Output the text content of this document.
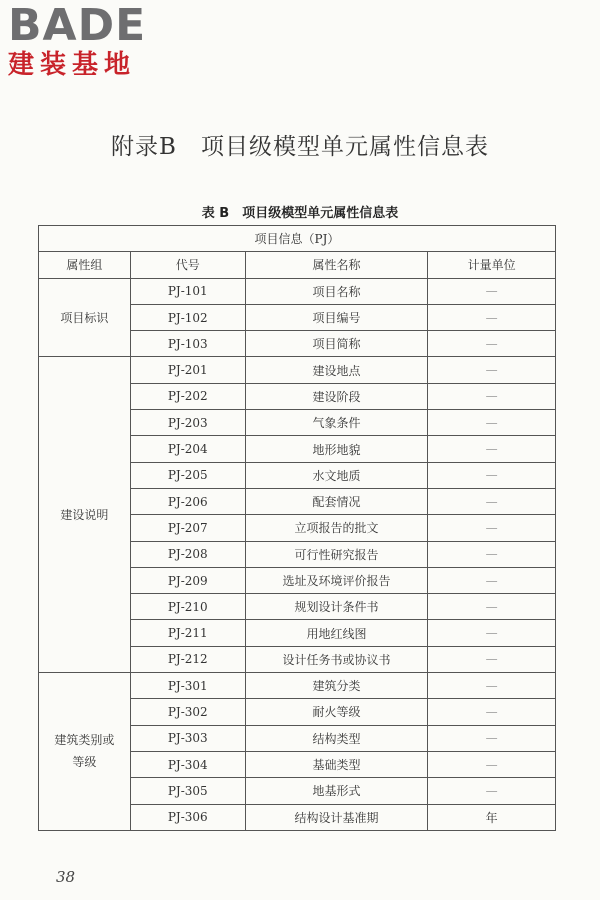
BADE
建装基地
附录B　项目级模型单元属性信息表
表 B　项目级模型单元属性信息表
项目信息（PJ）			
属性组	代号	属性名称	计量单位
项目标识	PJ-101	项目名称	—
	PJ-102	项目编号	—
	PJ-103	项目简称	—
建设说明	PJ-201	建设地点	—
	PJ-202	建设阶段	—
	PJ-203	气象条件	—
	PJ-204	地形地貌	—
	PJ-205	水文地质	—
	PJ-206	配套情况	—
	PJ-207	立项报告的批文	—
	PJ-208	可行性研究报告	—
	PJ-209	选址及环境评价报告	—
	PJ-210	规划设计条件书	—
	PJ-211	用地红线图	—
	PJ-212	设计任务书或协议书	—
建筑类别或等级	PJ-301	建筑分类	—
	PJ-302	耐火等级	—
	PJ-303	结构类型	—
	PJ-304	基础类型	—
	PJ-305	地基形式	—
	PJ-306	结构设计基准期	年
38
